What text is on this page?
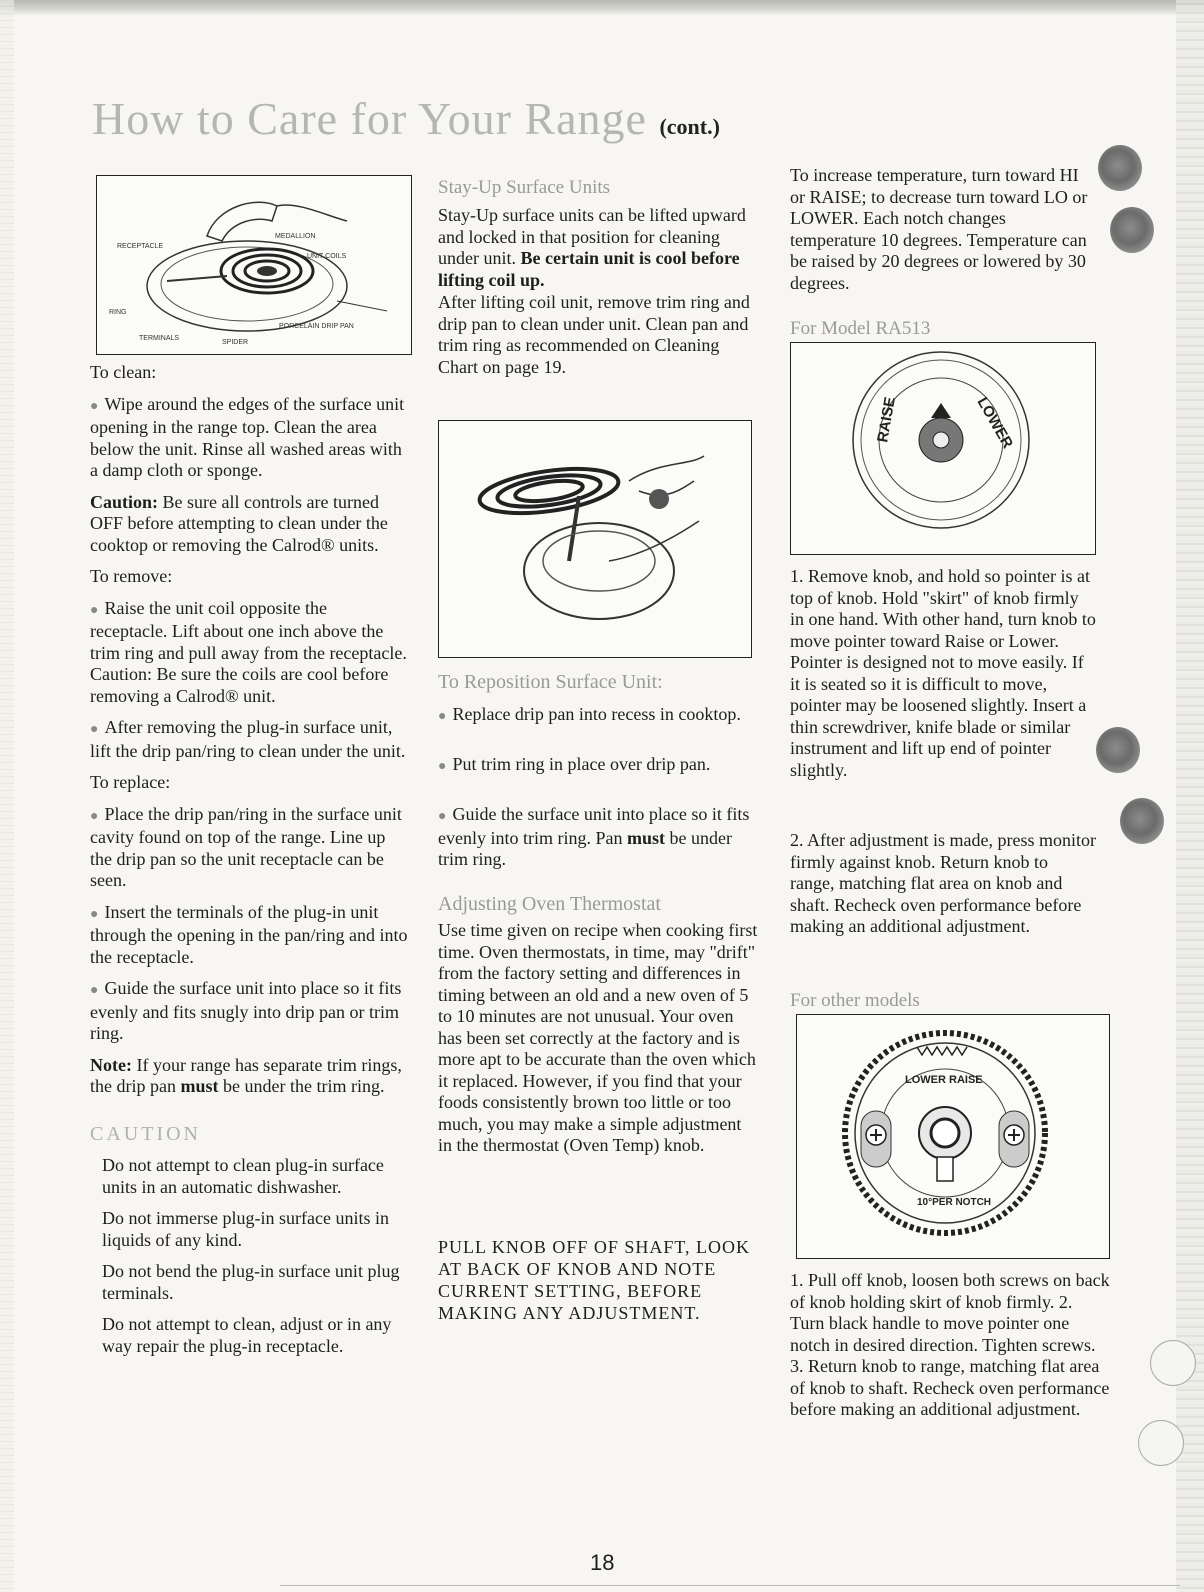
How to Care for Your Range (cont.)
RECEPTACLE
MEDALLION
UNIT COILS
RING
TERMINALS
SPIDER
PORCELAIN DRIP PAN

To clean:

● Wipe around the edges of the surface unit opening in the range top. Clean the area below the unit. Rinse all washed areas with a damp cloth or sponge.

Caution: Be sure all controls are turned OFF before attempting to clean under the cooktop or removing the Calrod® units.

To remove:

● Raise the unit coil opposite the receptacle. Lift about one inch above the trim ring and pull away from the receptacle. Caution: Be sure the coils are cool before removing a Calrod® unit.

● After removing the plug-in surface unit, lift the drip pan/ring to clean under the unit.

To replace:

● Place the drip pan/ring in the surface unit cavity found on top of the range. Line up the drip pan so the unit receptacle can be seen.

● Insert the terminals of the plug-in unit through the opening in the pan/ring and into the receptacle.

● Guide the surface unit into place so it fits evenly and fits snugly into drip pan or trim ring.

Note: If your range has separate trim rings, the drip pan must be under the trim ring.

CAUTION

Do not attempt to clean plug-in surface units in an automatic dishwasher.

Do not immerse plug-in surface units in liquids of any kind.

Do not bend the plug-in surface unit plug terminals.

Do not attempt to clean, adjust or in any way repair the plug-in receptacle.

Stay-Up Surface Units

Stay-Up surface units can be lifted upward and locked in that position for cleaning under unit. Be certain unit is cool before lifting coil up.

After lifting coil unit, remove trim ring and drip pan to clean under unit. Clean pan and trim ring as recommended on Cleaning Chart on page 19.

To Reposition Surface Unit:

● Replace drip pan into recess in cooktop.

● Put trim ring in place over drip pan.

● Guide the surface unit into place so it fits evenly into trim ring. Pan must be under trim ring.

Adjusting Oven Thermostat

Use time given on recipe when cooking first time. Oven thermostats, in time, may "drift" from the factory setting and differences in timing between an old and a new oven of 5 to 10 minutes are not unusual. Your oven has been set correctly at the factory and is more apt to be accurate than the oven which it replaced. However, if you find that your foods consistently brown too little or too much, you may make a simple adjustment in the thermostat (Oven Temp) knob.

PULL KNOB OFF OF SHAFT, LOOK AT BACK OF KNOB AND NOTE CURRENT SETTING, BEFORE MAKING ANY ADJUSTMENT.

To increase temperature, turn toward HI or RAISE; to decrease turn toward LO or LOWER. Each notch changes temperature 10 degrees. Temperature can be raised by 20 degrees or lowered by 30 degrees.

For Model RA513

RAISE	LOWER

1. Remove knob, and hold so pointer is at top of knob. Hold "skirt" of knob firmly in one hand. With other hand, turn knob to move pointer toward Raise or Lower. Pointer is designed not to move easily. If it is seated so it is difficult to move, pointer may be loosened slightly. Insert a thin screwdriver, knife blade or similar instrument and lift up end of pointer slightly.

2. After adjustment is made, press monitor firmly against knob. Return knob to range, matching flat area on knob and shaft. Recheck oven performance before making an additional adjustment.

For other models

LOWER RAISE
10°PER NOTCH

1. Pull off knob, loosen both screws on back of knob holding skirt of knob firmly. 2. Turn black handle to move pointer one notch in desired direction. Tighten screws. 3. Return knob to range, matching flat area of knob to shaft. Recheck oven performance before making an additional adjustment.

18
